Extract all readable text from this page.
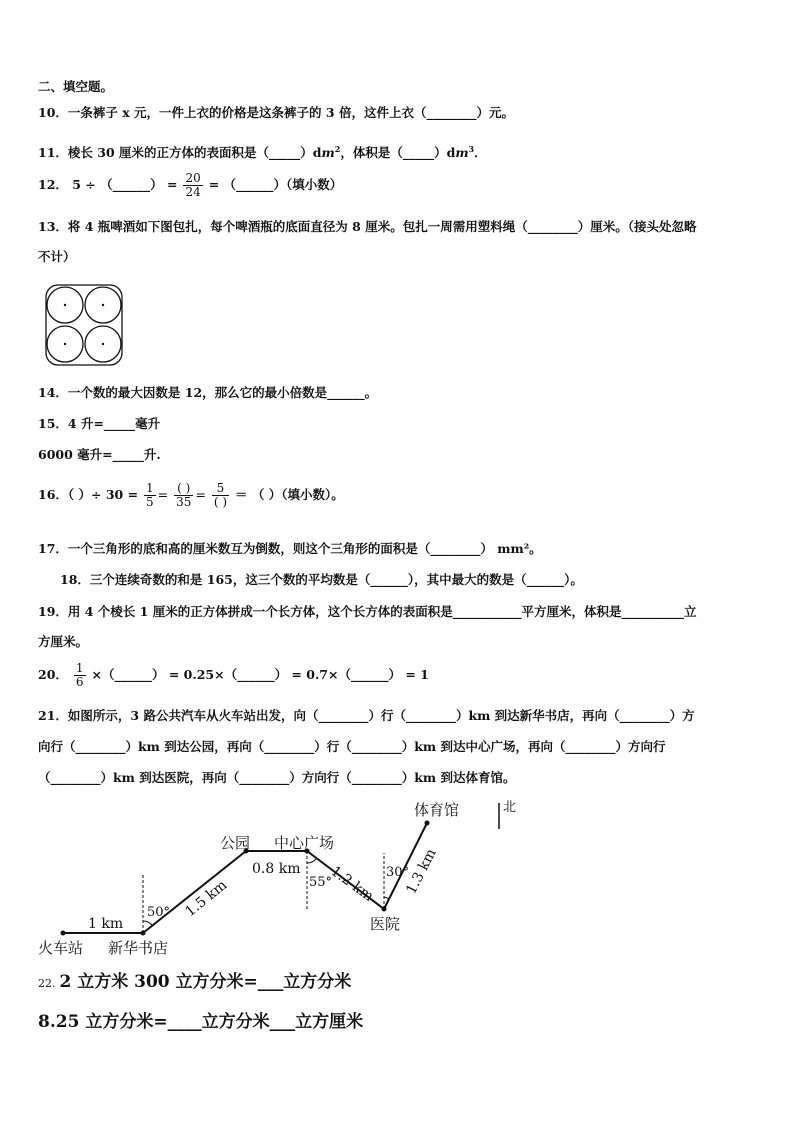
二、填空题。
10．一条裤子 x 元，一件上衣的价格是这条裤子的 3 倍，这件上衣（________）元。
11．棱长 30 厘米的正方体的表面积是$(\_\_\_\_\_)dm^2$，体积是$(\_\_\_\_\_)dm^3$．
12． 5 ÷ （______） = $\frac{20}{24}$ = （______）（填小数）
13．将 4 瓶啤酒如下图包扎，每个啤酒瓶的底面直径为 8 厘米。包扎一周需用塑料绳（________）厘米。（接头处忽略
不计）
14．一个数的最大因数是 12，那么它的最小倍数是______。
15．4 升=_____毫升
6000 毫升=_____升.
16．（ ）÷ $30 = \frac{1}{5} = \frac{( )}{35} = \frac{5}{( )}$ ＝ （ ）（填小数）。
17．一个三角形的底和高的厘米数互为倒数，则这个三角形的面积是（________） mm²。
18．三个连续奇数的和是 165，这三个数的平均数是（______），其中最大的数是（______）。
19．用 4 个棱长 1 厘米的正方体拼成一个长方体，这个长方体的表面积是___________平方厘米，体积是__________立
方厘米。
20． $\frac{1}{6}$ ×（______） = 0.25×（______） = 0.7×（______） = 1
21．如图所示，3 路公共汽车从火车站出发，向（________）行（________）km 到达新华书店，再向（________）方
向行（________）km 到达公园，再向（________）行（________）km 到达中心广场，再向（________）方向行
（________）km 到达医院，再向（________）方向行（________）km 到达体育馆。
体育馆	北
公园 中心广场
0.8 km
55°
1.2 km 30°
1.3 km
50° 1.5 km
1 km	医院
火车站 新华书店
22. 2 立方米 300 立方分米=___立方分米
8.25 立方分米=____立方分米___立方厘米
